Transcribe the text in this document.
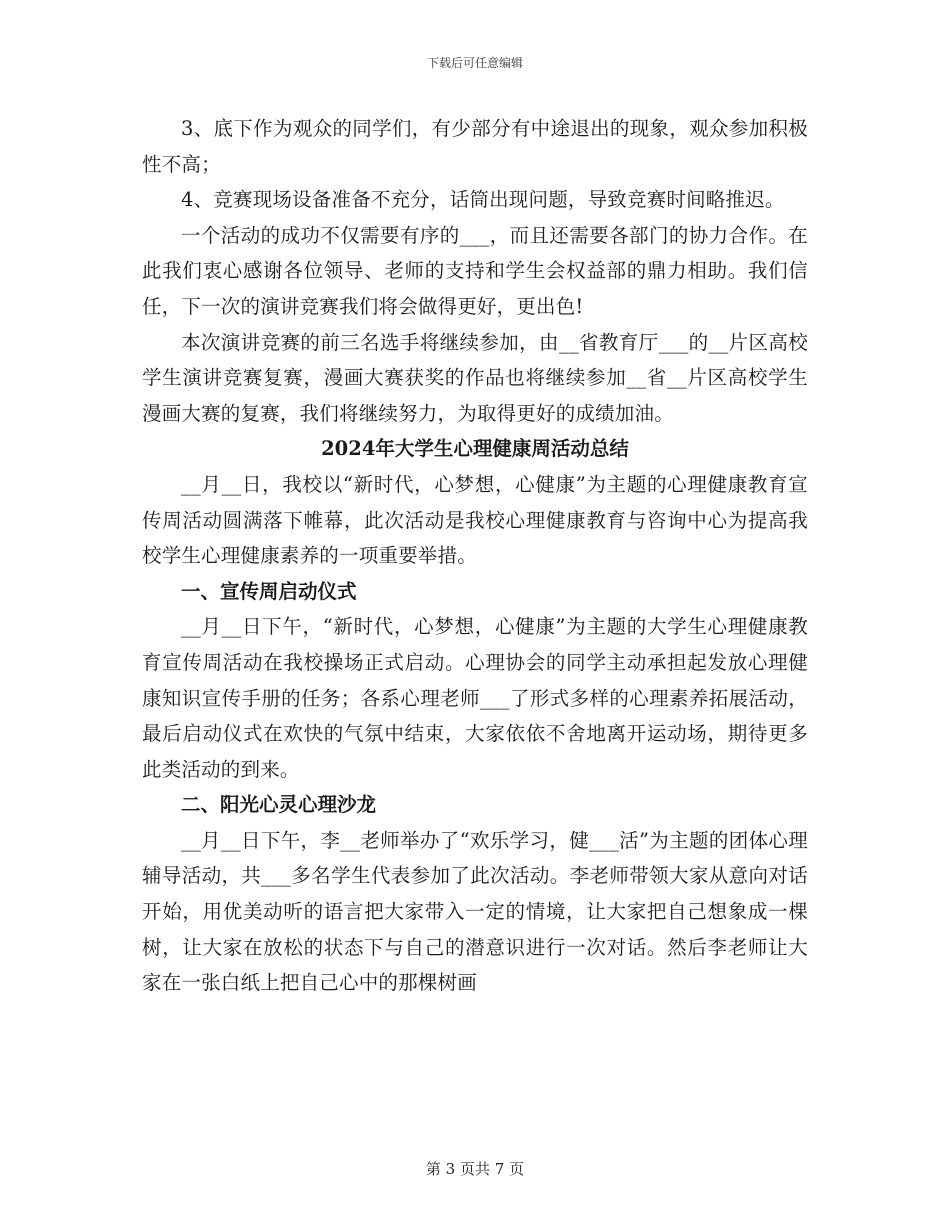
下载后可任意编辑

3、底下作为观众的同学们，有少部分有中途退出的现象，观众参加积极性不高；

4、竞赛现场设备准备不充分，话筒出现问题，导致竞赛时间略推迟。

一个活动的成功不仅需要有序的___，而且还需要各部门的协力合作。在此我们衷心感谢各位领导、老师的支持和学生会权益部的鼎力相助。我们信任，下一次的演讲竞赛我们将会做得更好，更出色!

本次演讲竞赛的前三名选手将继续参加，由__省教育厅___的__片区高校学生演讲竞赛复赛，漫画大赛获奖的作品也将继续参加__省__片区高校学生漫画大赛的复赛，我们将继续努力，为取得更好的成绩加油。

2024年大学生心理健康周活动总结

__月__日，我校以“新时代，心梦想，心健康”为主题的心理健康教育宣传周活动圆满落下帷幕，此次活动是我校心理健康教育与咨询中心为提高我校学生心理健康素养的一项重要举措。

一、宣传周启动仪式

__月__日下午，“新时代，心梦想，心健康”为主题的大学生心理健康教育宣传周活动在我校操场正式启动。心理协会的同学主动承担起发放心理健康知识宣传手册的任务；各系心理老师___了形式多样的心理素养拓展活动，最后启动仪式在欢快的气氛中结束，大家依依不舍地离开运动场，期待更多此类活动的到来。

二、阳光心灵心理沙龙

__月__日下午，李__老师举办了“欢乐学习，健___活”为主题的团体心理辅导活动，共___多名学生代表参加了此次活动。李老师带领大家从意向对话开始，用优美动听的语言把大家带入一定的情境，让大家把自己想象成一棵树，让大家在放松的状态下与自己的潜意识进行一次对话。然后李老师让大家在一张白纸上把自己心中的那棵树画

第 3 页共 7 页
